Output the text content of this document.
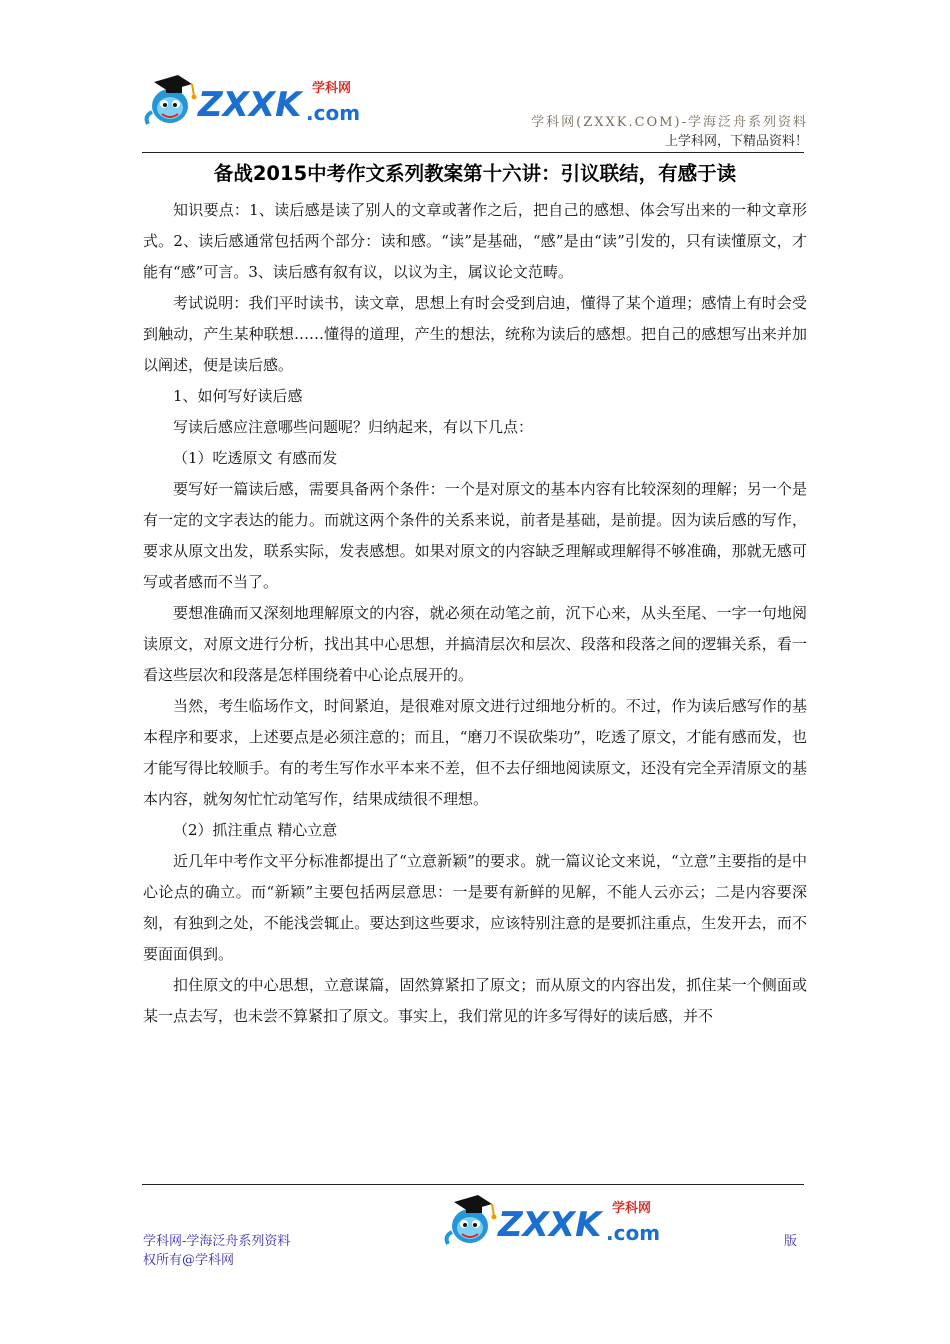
ZXXK .com
学科网
学科网(ZXXK.COM)-学海泛舟系列资料
上学科网，下精品资料！
备战2015中考作文系列教案第十六讲：引议联结，有感于读

知识要点：1、读后感是读了别人的文章或著作之后，把自己的感想、体会写出来的一种文章形式。2、读后感通常包括两个部分：读和感。“读”是基础，“感”是由“读”引发的，只有读懂原文，才能有“感”可言。3、读后感有叙有议，以议为主，属议论文范畴。

考试说明：我们平时读书，读文章，思想上有时会受到启迪，懂得了某个道理；感情上有时会受到触动，产生某种联想……懂得的道理，产生的想法，统称为读后的感想。把自己的感想写出来并加以阐述，便是读后感。

1、如何写好读后感

写读后感应注意哪些问题呢？归纳起来，有以下几点：

（1）吃透原文 有感而发

要写好一篇读后感，需要具备两个条件：一个是对原文的基本内容有比较深刻的理解；另一个是有一定的文字表达的能力。而就这两个条件的关系来说，前者是基础，是前提。因为读后感的写作，要求从原文出发，联系实际，发表感想。如果对原文的内容缺乏理解或理解得不够准确，那就无感可写或者感而不当了。

要想准确而又深刻地理解原文的内容，就必须在动笔之前，沉下心来，从头至尾、一字一句地阅读原文，对原文进行分析，找出其中心思想，并搞清层次和层次、段落和段落之间的逻辑关系，看一看这些层次和段落是怎样围绕着中心论点展开的。

当然，考生临场作文，时间紧迫，是很难对原文进行过细地分析的。不过，作为读后感写作的基本程序和要求，上述要点是必须注意的；而且，“磨刀不误砍柴功”，吃透了原文，才能有感而发，也才能写得比较顺手。有的考生写作水平本来不差，但不去仔细地阅读原文，还没有完全弄清原文的基本内容，就匆匆忙忙动笔写作，结果成绩很不理想。

（2）抓注重点 精心立意

近几年中考作文平分标准都提出了“立意新颖”的要求。就一篇议论文来说，“立意”主要指的是中心论点的确立。而“新颖”主要包括两层意思：一是要有新鲜的见解，不能人云亦云；二是内容要深刻，有独到之处，不能浅尝辄止。要达到这些要求，应该特别注意的是要抓注重点，生发开去，而不要面面俱到。

扣住原文的中心思想，立意谋篇，固然算紧扣了原文；而从原文的内容出发，抓住某一个侧面或某一点去写，也未尝不算紧扣了原文。事实上，我们常见的许多写得好的读后感，并不

ZXXK .com
学科网
学科网-学海泛舟系列资料
权所有@学科网
版
